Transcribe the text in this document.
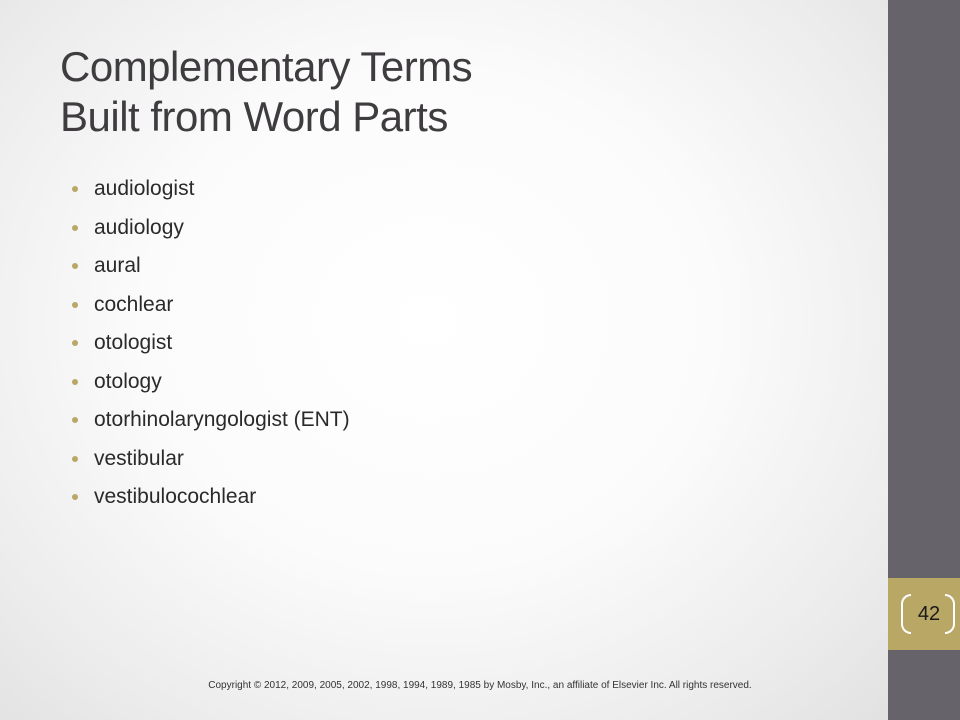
Complementary Terms
Built from Word Parts
audiologist
audiology
aural
cochlear
otologist
otology
otorhinolaryngologist (ENT)
vestibular
vestibulocochlear
42
Copyright © 2012, 2009, 2005, 2002, 1998, 1994, 1989, 1985 by Mosby, Inc., an affiliate of Elsevier Inc. All rights reserved.
